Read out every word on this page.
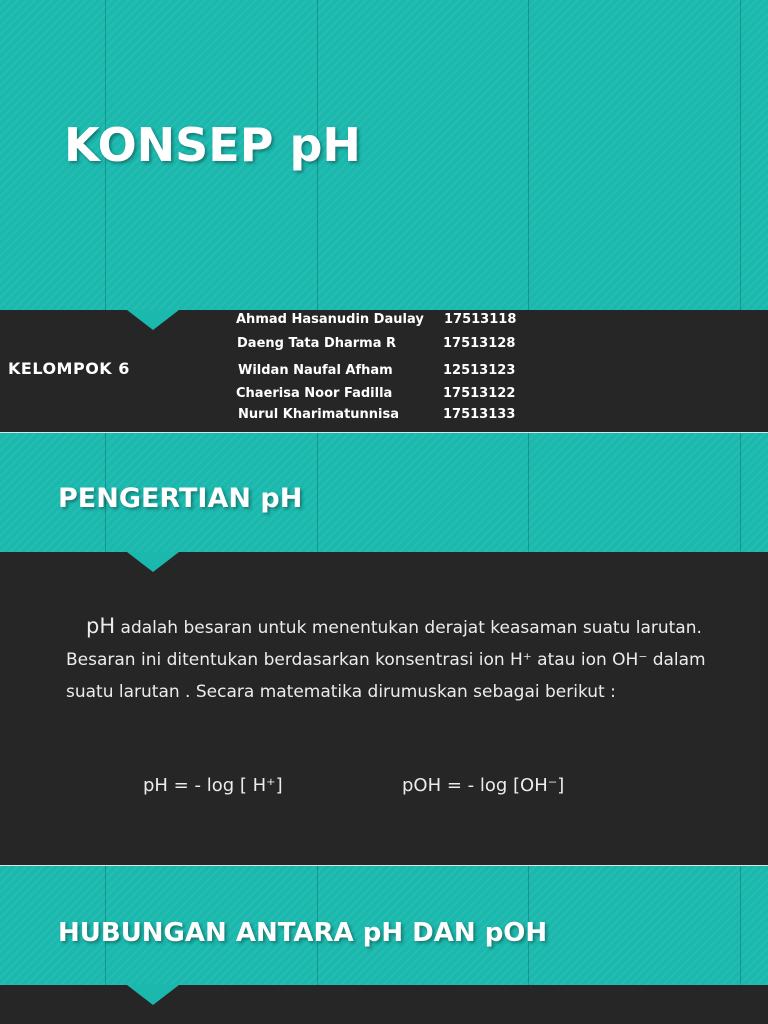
KONSEP pH
KELOMPOK 6
Ahmad Hasanudin Daulay 17513118
Daeng Tata Dharma R	17513128
Wildan Naufal Afham	12513123
Chaerisa Noor Fadilla	17513122
Nurul Kharimatunnisa	17513133
PENGERTIAN pH

pH adalah besaran untuk menentukan derajat keasaman suatu larutan. Besaran ini ditentukan berdasarkan konsentrasi ion H⁺ atau ion OH⁻ dalam suatu larutan . Secara matematika dirumuskan sebagai berikut :

pH = - log [ H⁺]	pOH = - log [OH⁻]
HUBUNGAN ANTARA pH DAN pOH
